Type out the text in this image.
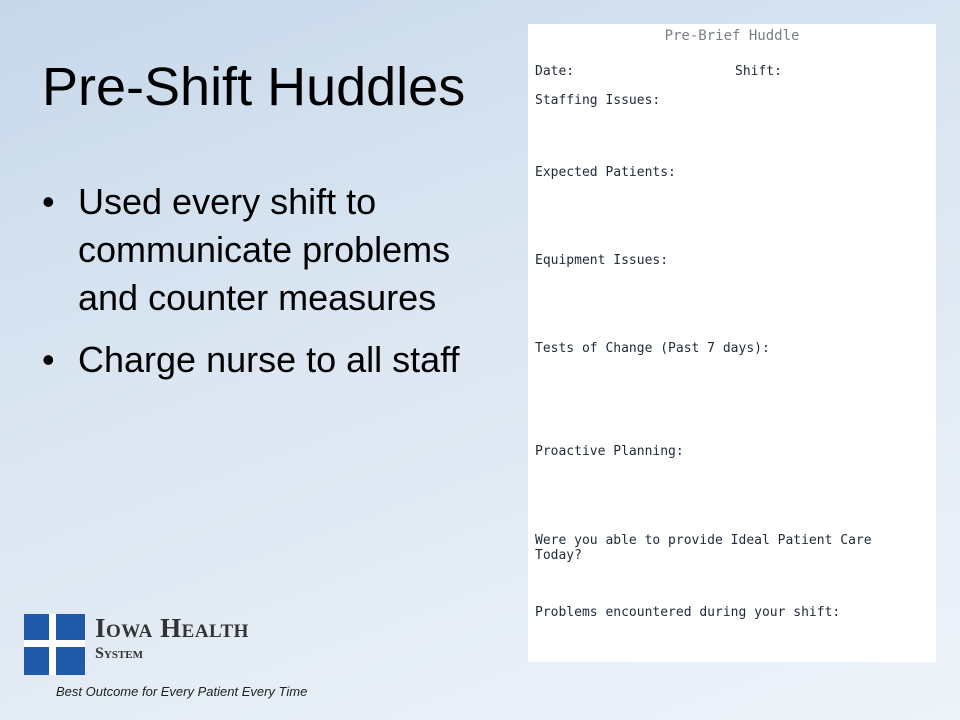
Pre-Shift Huddles
• Used every shift to communicate problems and counter measures
• Charge nurse to all staff
Pre-Brief Huddle
Date:	Shift:
Staffing Issues:
Expected Patients:
Equipment Issues:
Tests of Change (Past 7 days):
Proactive Planning:
Were you able to provide Ideal Patient Care
Today?
Problems encountered during your shift:
Iowa Health
System
Best Outcome for Every Patient Every Time
